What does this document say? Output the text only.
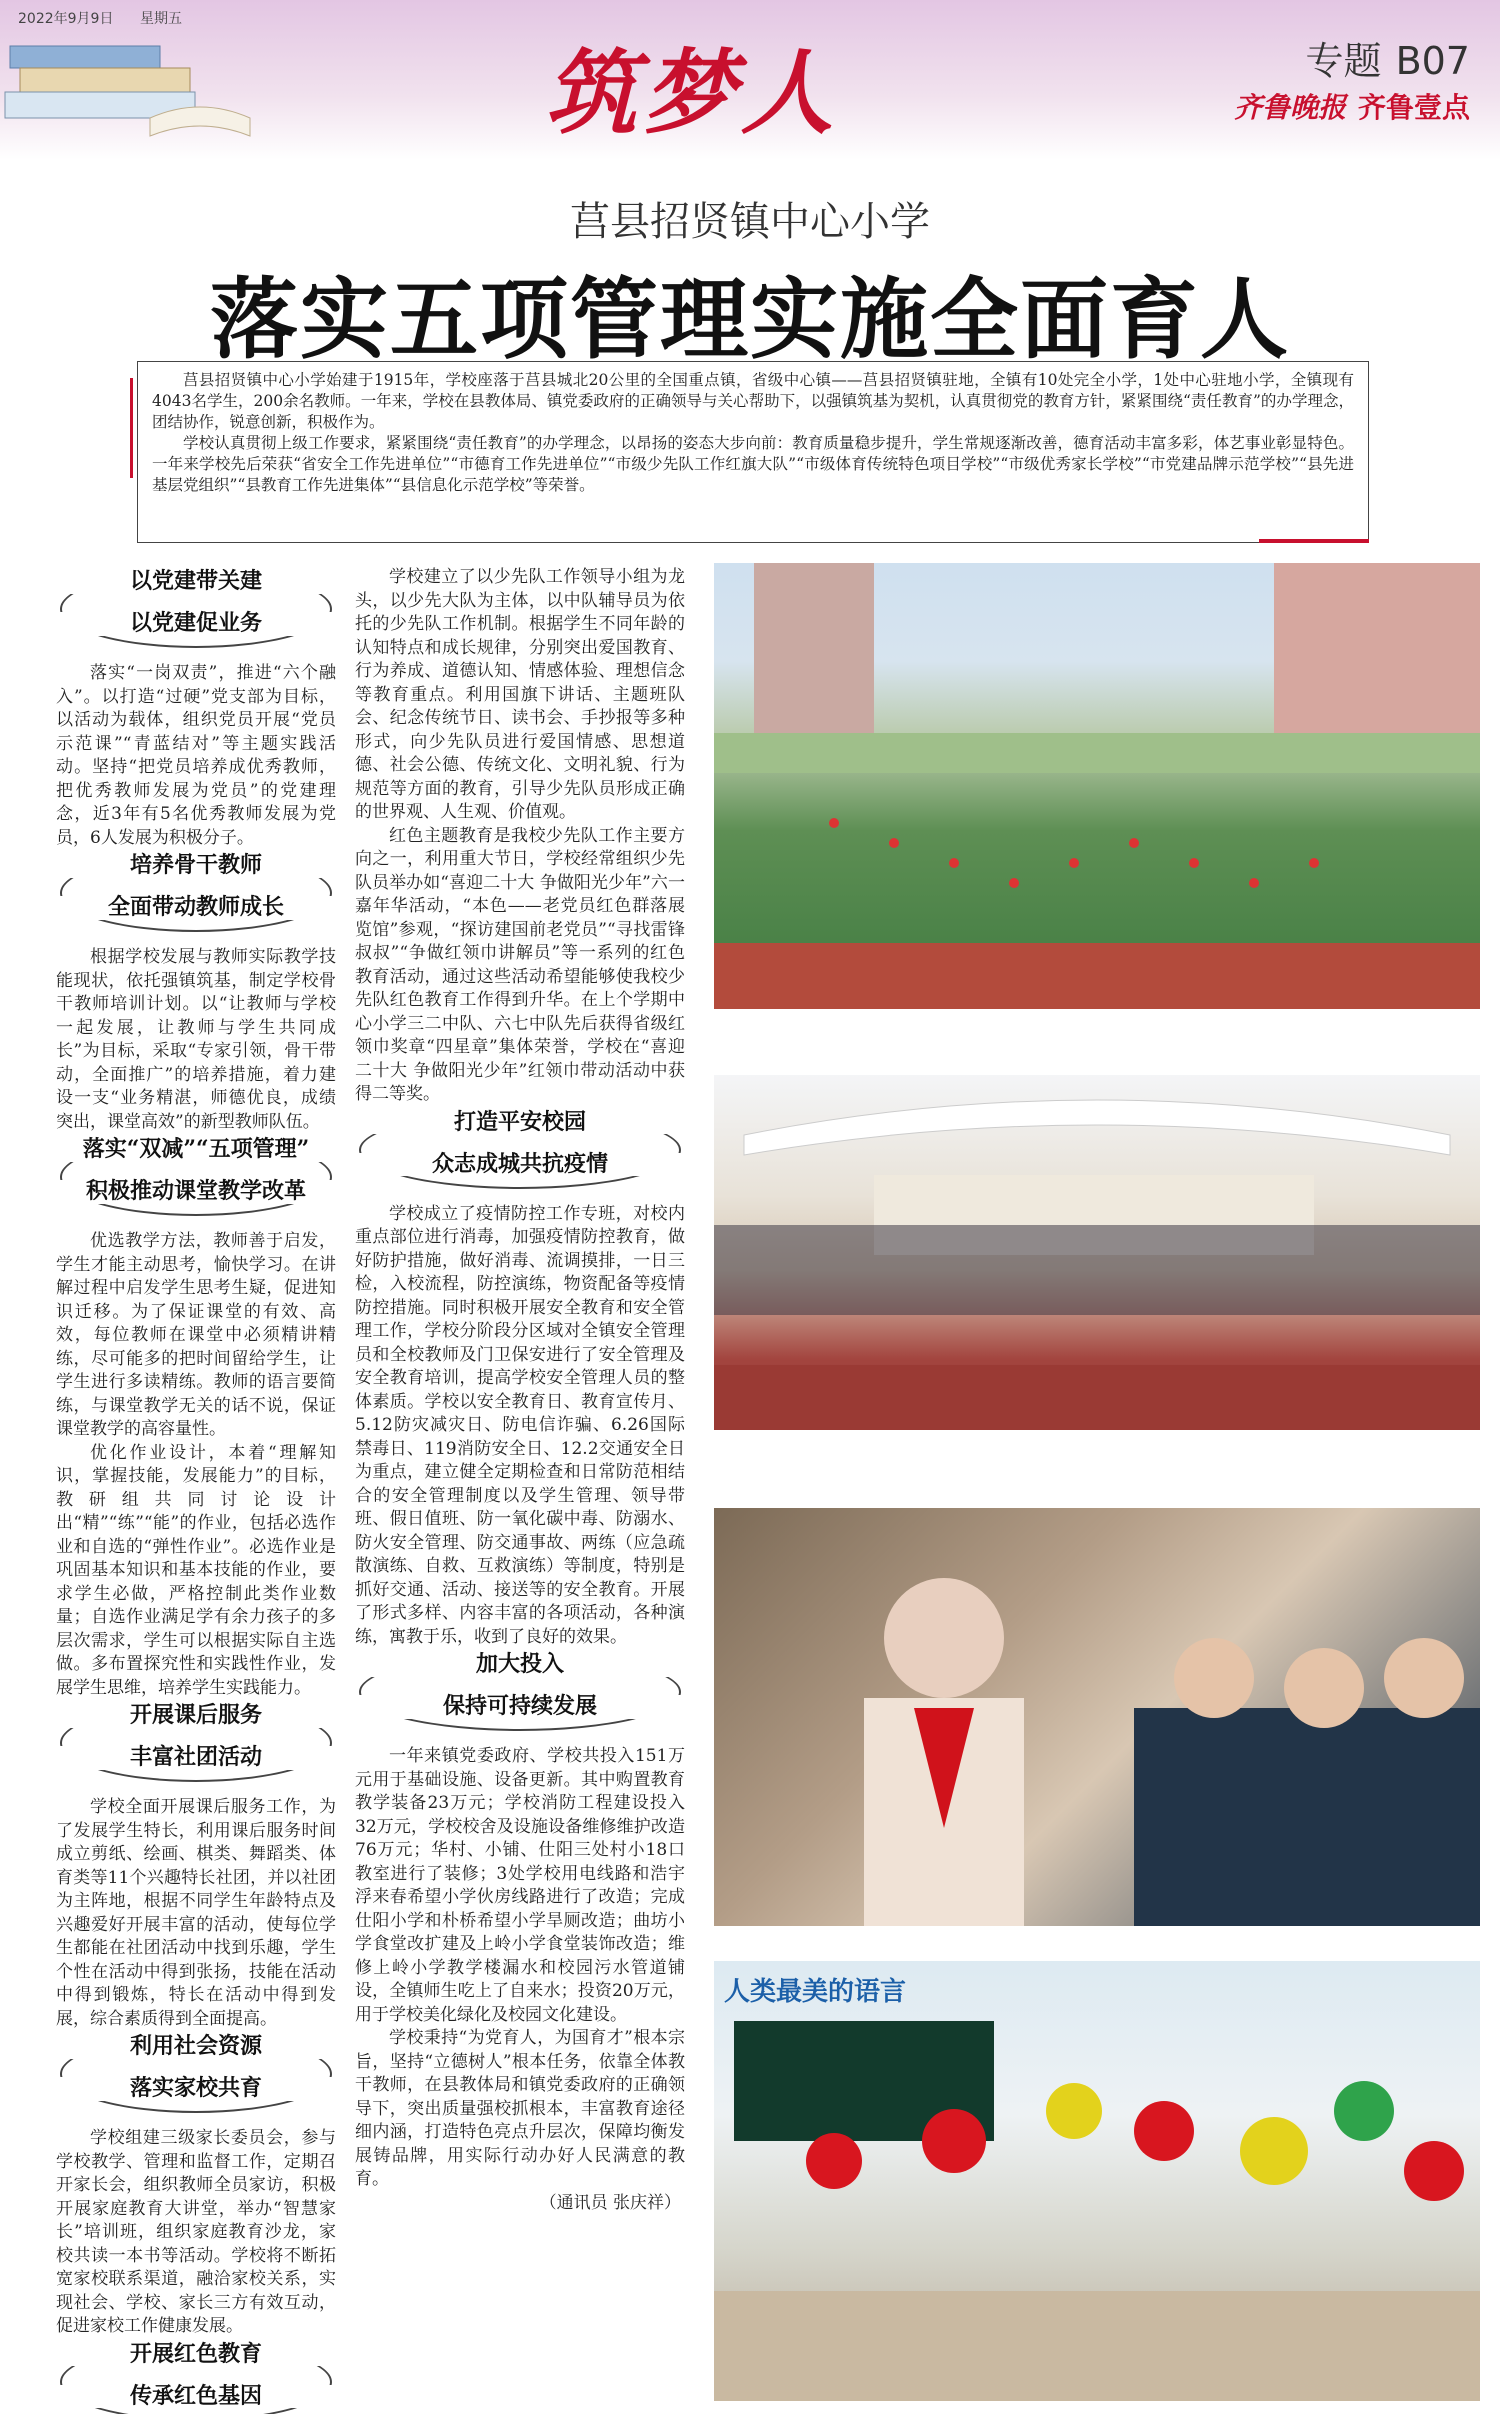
2022年9月9日 星期五
筑梦人	专题 B07
齐鲁晚报 齐鲁壹点
莒县招贤镇中心小学
落实五项管理实施全面育人

莒县招贤镇中心小学始建于1915年，学校座落于莒县城北20公里的全国重点镇，省级中心镇——莒县招贤镇驻地，全镇有10处完全小学，1处中心驻地小学，全镇现有4043名学生，200余名教师。一年来，学校在县教体局、镇党委政府的正确领导与关心帮助下，以强镇筑基为契机，认真贯彻党的教育方针，紧紧围绕“责任教育”的办学理念，团结协作，锐意创新，积极作为。

学校认真贯彻上级工作要求，紧紧围绕“责任教育”的办学理念，以昂扬的姿态大步向前：教育质量稳步提升，学生常规逐渐改善，德育活动丰富多彩，体艺事业彰显特色。一年来学校先后荣获“省安全工作先进单位”“市德育工作先进单位”“市级少先队工作红旗大队”“市级体育传统特色项目学校”“市级优秀家长学校”“市党建品牌示范学校”“县先进基层党组织”“县教育工作先进集体”“县信息化示范学校”等荣誉。

以党建带关建
以党建促业务

落实“一岗双责”，推进“六个融入”。以打造“过硬”党支部为目标，以活动为载体，组织党员开展“党员示范课”“青蓝结对”等主题实践活动。坚持“把党员培养成优秀教师，把优秀教师发展为党员”的党建理念，近3年有5名优秀教师发展为党员，6人发展为积极分子。

培养骨干教师
全面带动教师成长

根据学校发展与教师实际教学技能现状，依托强镇筑基，制定学校骨干教师培训计划。以“让教师与学校一起发展，让教师与学生共同成长”为目标，采取“专家引领，骨干带动，全面推广”的培养措施，着力建设一支“业务精湛，师德优良，成绩突出，课堂高效”的新型教师队伍。

落实“双减”“五项管理”
积极推动课堂教学改革

优选教学方法，教师善于启发，学生才能主动思考，愉快学习。在讲解过程中启发学生思考生疑，促进知识迁移。为了保证课堂的有效、高效，每位教师在课堂中必须精讲精练，尽可能多的把时间留给学生，让学生进行多读精练。教师的语言要简练，与课堂教学无关的话不说，保证课堂教学的高容量性。

优化作业设计，本着“理解知识，掌握技能，发展能力”的目标，教研组共同讨论设计出“精”“练”“能”的作业，包括必选作业和自选的“弹性作业”。必选作业是巩固基本知识和基本技能的作业，要求学生必做，严格控制此类作业数量；自选作业满足学有余力孩子的多层次需求，学生可以根据实际自主选做。多布置探究性和实践性作业，发展学生思维，培养学生实践能力。

开展课后服务
丰富社团活动

学校全面开展课后服务工作，为了发展学生特长，利用课后服务时间成立剪纸、绘画、棋类、舞蹈类、体育类等11个兴趣特长社团，并以社团为主阵地，根据不同学生年龄特点及兴趣爱好开展丰富的活动，使每位学生都能在社团活动中找到乐趣，学生个性在活动中得到张扬，技能在活动中得到锻炼，特长在活动中得到发展，综合素质得到全面提高。

利用社会资源
落实家校共育

学校组建三级家长委员会，参与学校教学、管理和监督工作，定期召开家长会，组织教师全员家访，积极开展家庭教育大讲堂，举办“智慧家长”培训班，组织家庭教育沙龙，家校共读一本书等活动。学校将不断拓宽家校联系渠道，融洽家校关系，实现社会、学校、家长三方有效互动，促进家校工作健康发展。

开展红色教育
传承红色基因

学校建立了以少先队工作领导小组为龙头，以少先大队为主体，以中队辅导员为依托的少先队工作机制。根据学生不同年龄的认知特点和成长规律，分别突出爱国教育、行为养成、道德认知、情感体验、理想信念等教育重点。利用国旗下讲话、主题班队会、纪念传统节日、读书会、手抄报等多种形式，向少先队员进行爱国情感、思想道德、社会公德、传统文化、文明礼貌、行为规范等方面的教育，引导少先队员形成正确的世界观、人生观、价值观。

红色主题教育是我校少先队工作主要方向之一，利用重大节日，学校经常组织少先队员举办如“喜迎二十大 争做阳光少年”六一嘉年华活动，“本色——老党员红色群落展览馆”参观，“探访建国前老党员”“寻找雷锋叔叔”“争做红领巾讲解员”等一系列的红色教育活动，通过这些活动希望能够使我校少先队红色教育工作得到升华。在上个学期中心小学三二中队、六七中队先后获得省级红领巾奖章“四星章”集体荣誉，学校在“喜迎二十大 争做阳光少年”红领巾带动活动中获得二等奖。

打造平安校园
众志成城共抗疫情

学校成立了疫情防控工作专班，对校内重点部位进行消毒，加强疫情防控教育，做好防护措施，做好消毒、流调摸排，一日三检，入校流程，防控演练，物资配备等疫情防控措施。同时积极开展安全教育和安全管理工作，学校分阶段分区域对全镇安全管理员和全校教师及门卫保安进行了安全管理及安全教育培训，提高学校安全管理人员的整体素质。学校以安全教育日、教育宣传月、5.12防灾减灾日、防电信诈骗、6.26国际禁毒日、119消防安全日、12.2交通安全日为重点，建立健全定期检查和日常防范相结合的安全管理制度以及学生管理、领导带班、假日值班、防一氧化碳中毒、防溺水、防火安全管理、防交通事故、两练（应急疏散演练、自救、互救演练）等制度，特别是抓好交通、活动、接送等的安全教育。开展了形式多样、内容丰富的各项活动，各种演练，寓教于乐，收到了良好的效果。

加大投入
保持可持续发展

一年来镇党委政府、学校共投入151万元用于基础设施、设备更新。其中购置教育教学装备23万元；学校消防工程建设投入32万元，学校校舍及设施设备维修维护改造76万元；华村、小铺、仕阳三处村小18口教室进行了装修；3处学校用电线路和浩宇浮来春希望小学伙房线路进行了改造；完成仕阳小学和朴桥希望小学旱厕改造；曲坊小学食堂改扩建及上岭小学食堂装饰改造；维修上岭小学教学楼漏水和校园污水管道铺设，全镇师生吃上了自来水；投资20万元，用于学校美化绿化及校园文化建设。

学校秉持“为党育人，为国育才”根本宗旨，坚持“立德树人”根本任务，依靠全体教干教师，在县教体局和镇党委政府的正确领导下，突出质量强校抓根本，丰富教育途径细内涵，打造特色亮点升层次，保障均衡发展铸品牌，用实际行动办好人民满意的教育。

（通讯员 张庆祥）

人类最美的语言
